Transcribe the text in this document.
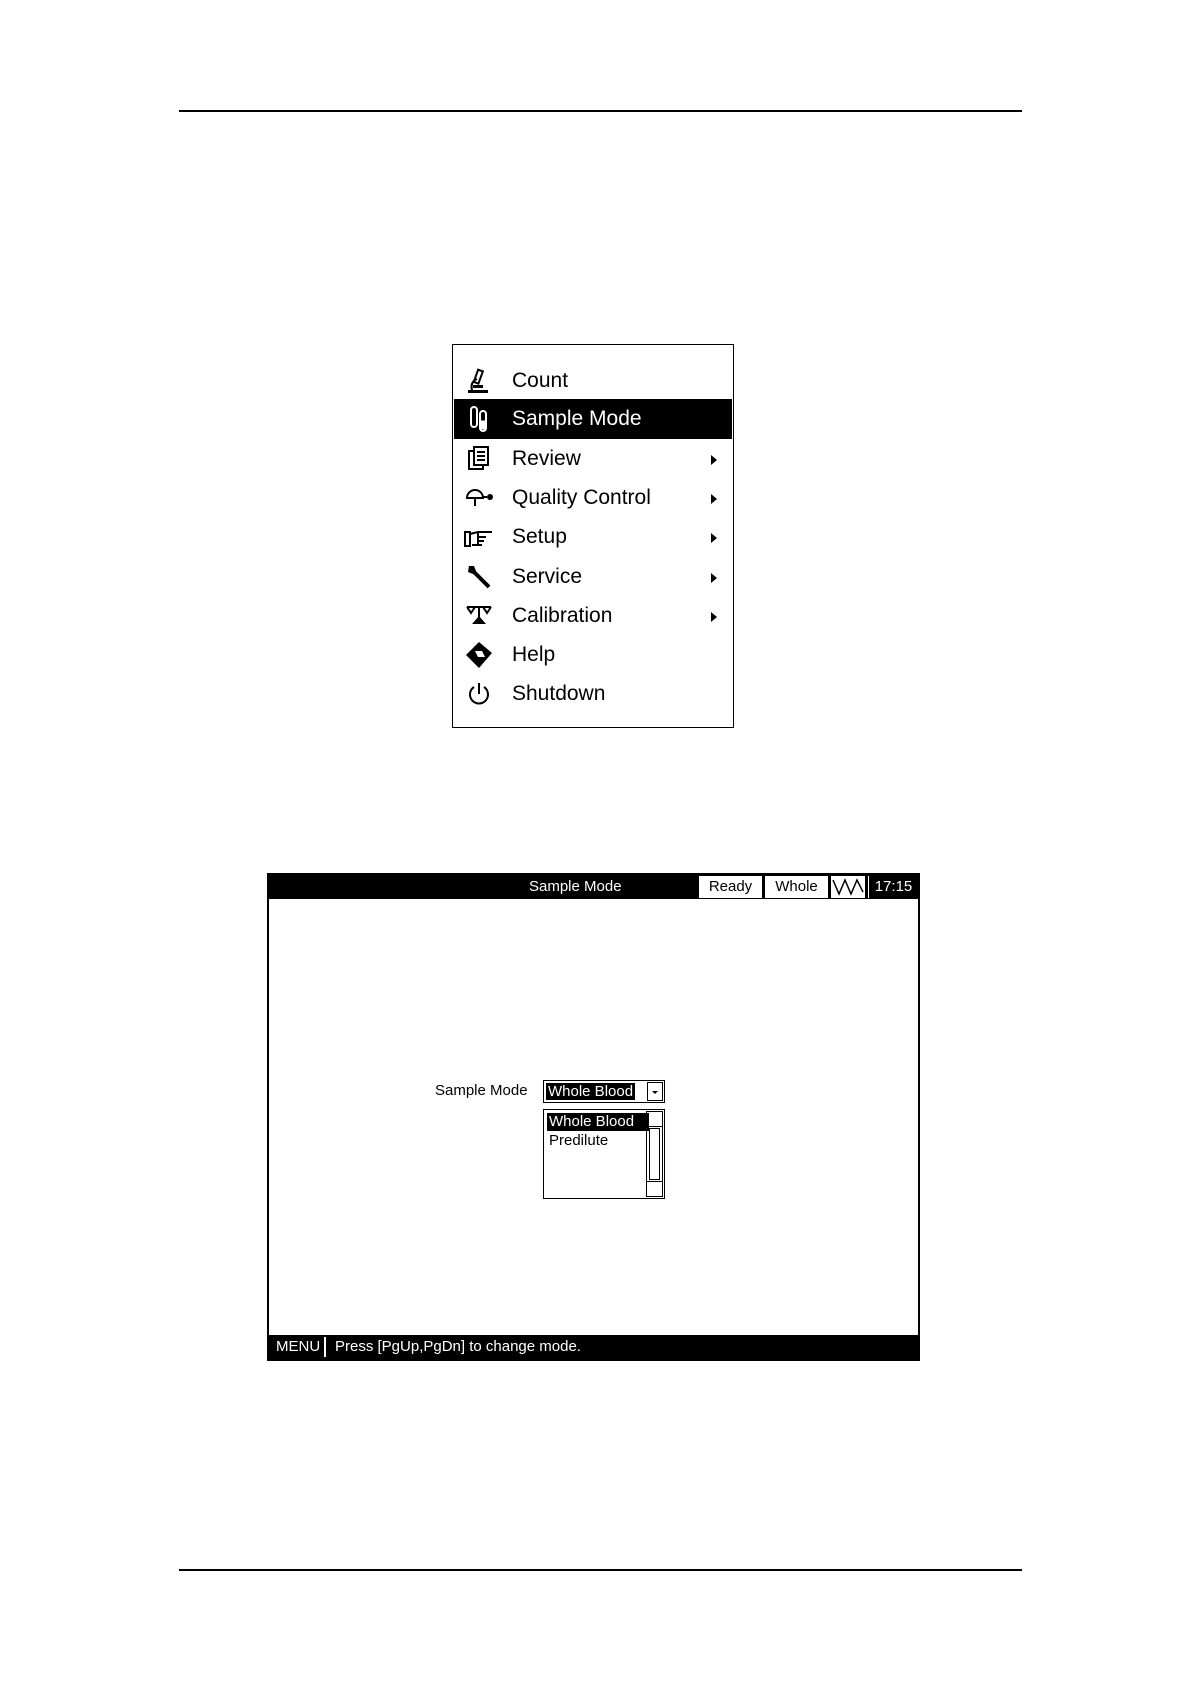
Count
Sample Mode
Review
Quality Control
Setup
Service
Calibration
Help
Shutdown
Sample Mode	Ready	Whole	17:15
Sample Mode Whole Blood
Whole Blood
Predilute
MENU Press [PgUp,PgDn] to change mode.
